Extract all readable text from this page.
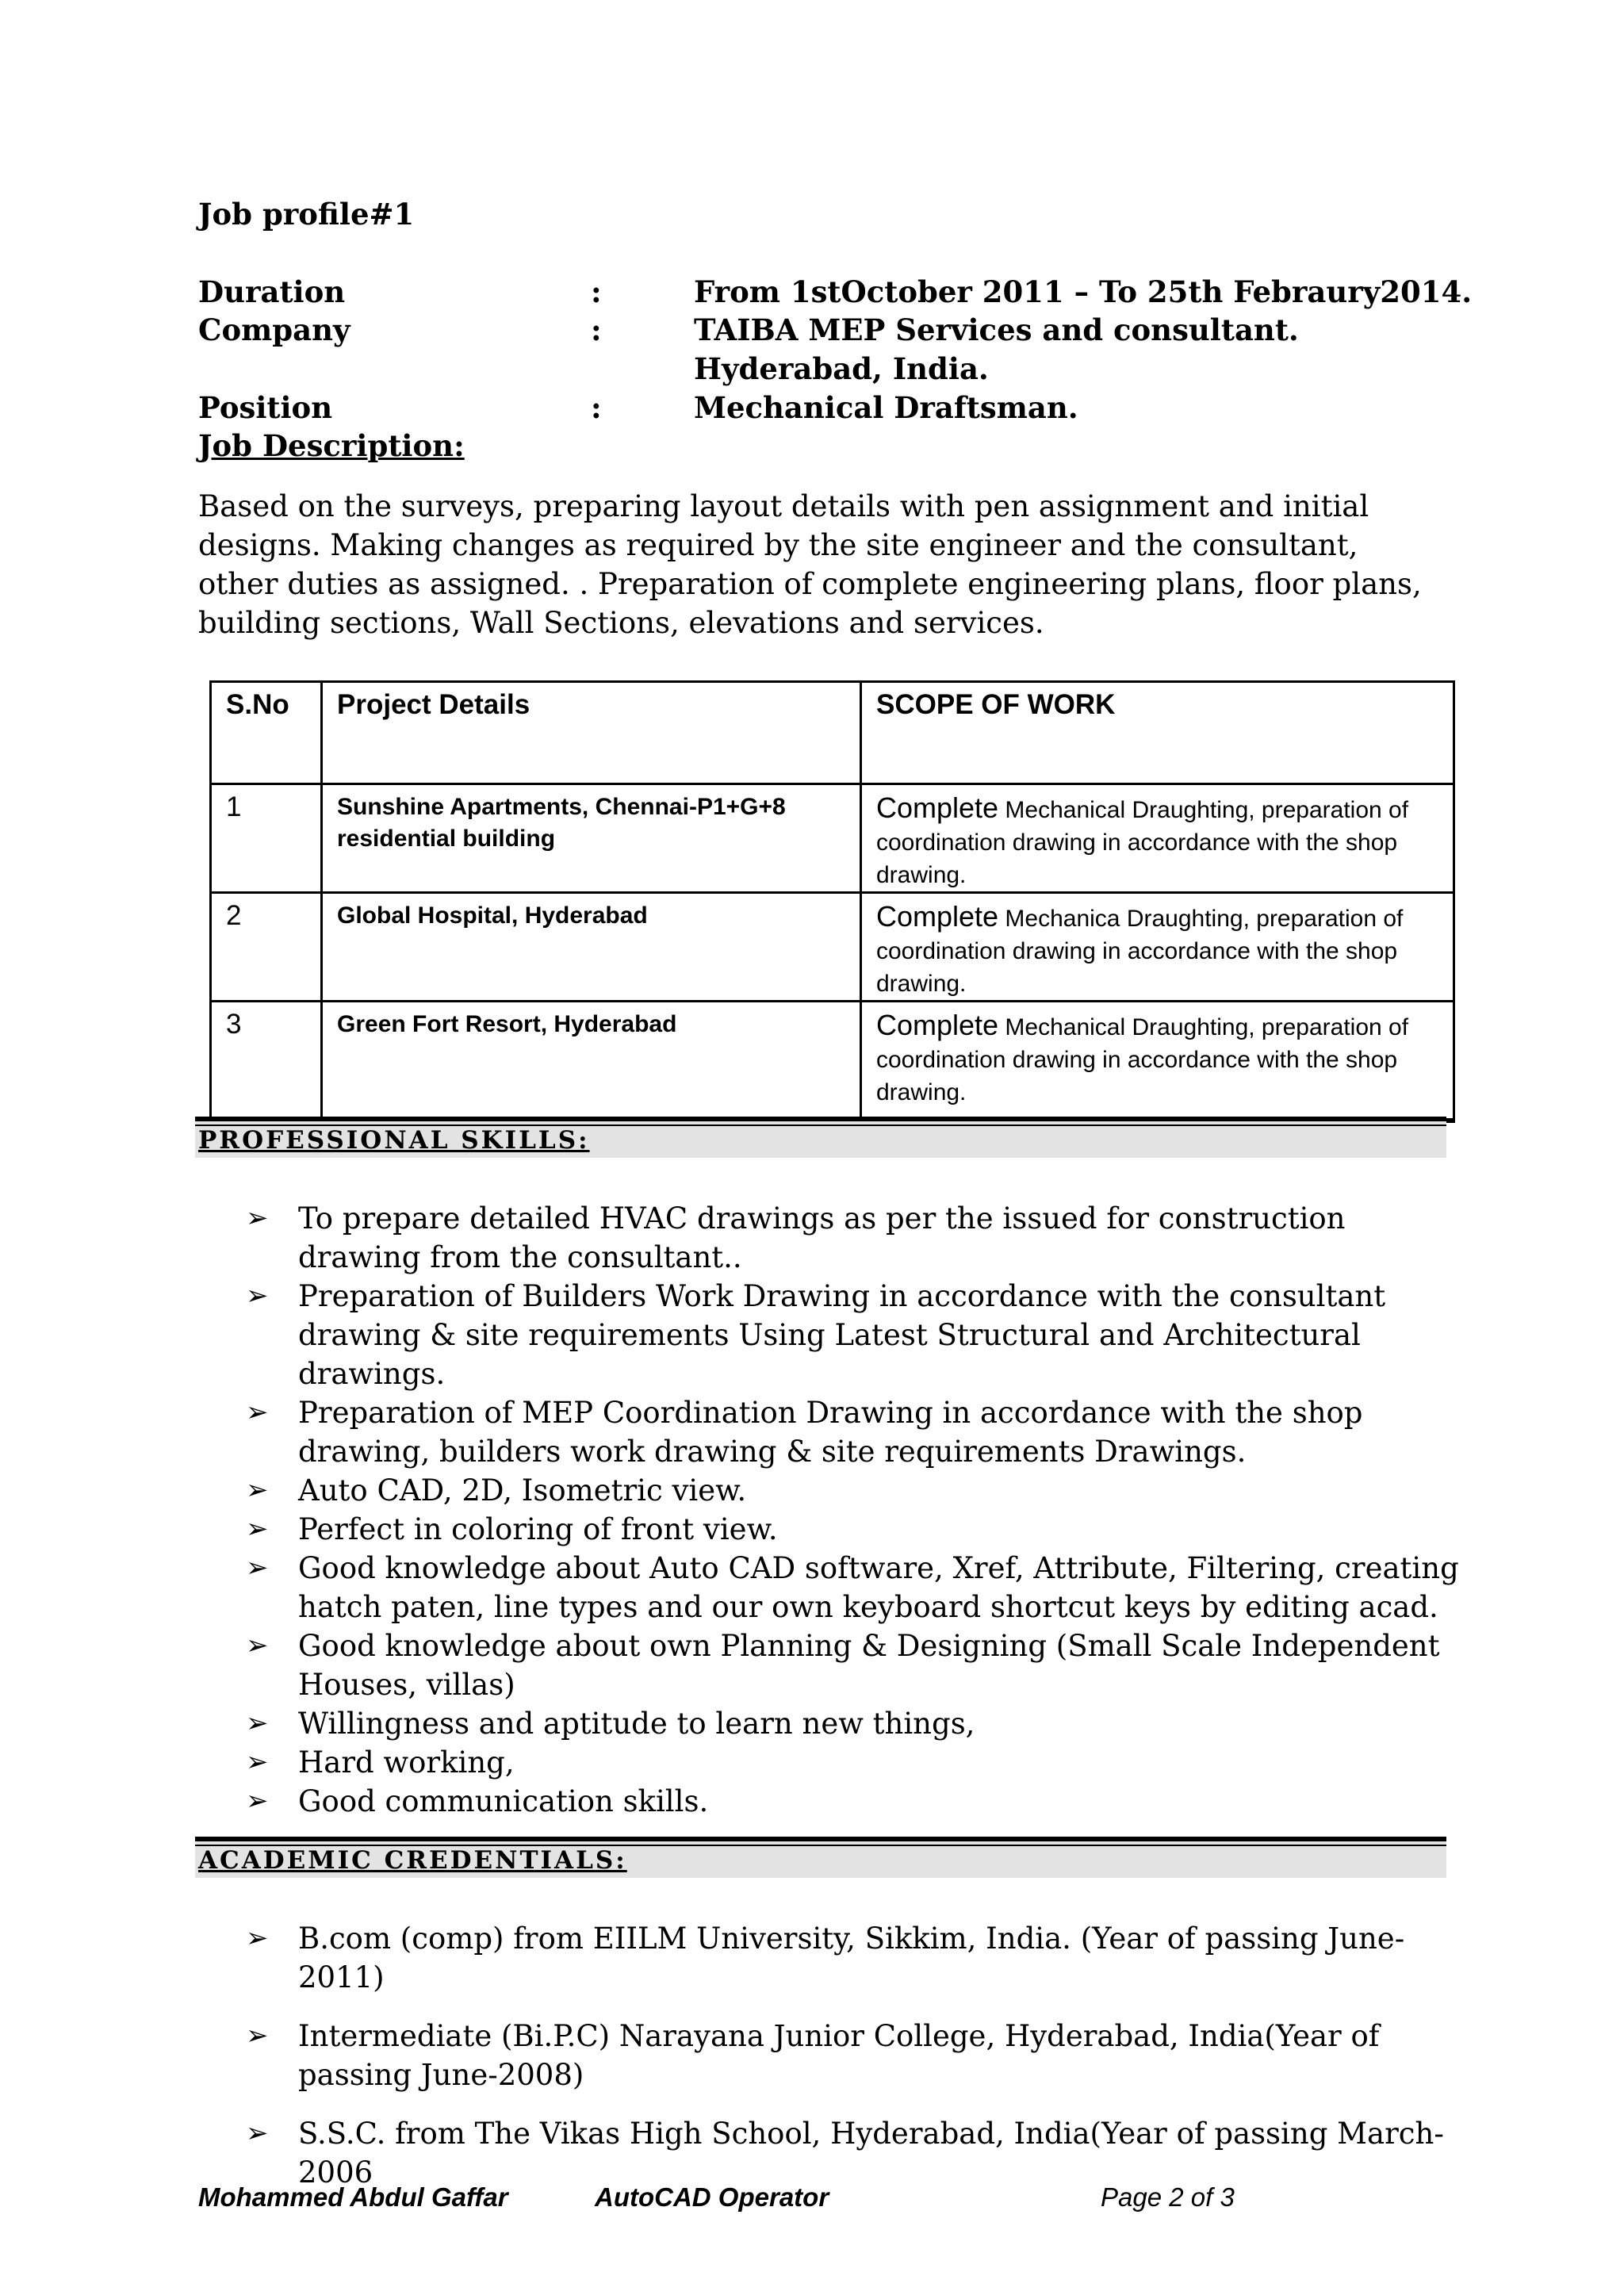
Job profile#1
Duration	:	From 1stOctober 2011 – To 25th Febraury2014.
Company	:	TAIBA MEP Services and consultant.
Hyderabad, India.
Position	:	Mechanical Draftsman.
Job Description:
Based on the surveys, preparing layout details with pen assignment and initial designs. Making changes as required by the site engineer and the consultant, other duties as assigned. . Preparation of complete engineering plans, floor plans, building sections, Wall Sections, elevations and services.
S.No	Project Details	SCOPE OF WORK
1	Sunshine Apartments, Chennai-P1+G+8 residential building	Complete Mechanical Draughting, preparation of coordination drawing in accordance with the shop drawing.
2	Global Hospital, Hyderabad	Complete Mechanica Draughting, preparation of coordination drawing in accordance with the shop drawing.
3	Green Fort Resort, Hyderabad	Complete Mechanical Draughting, preparation of coordination drawing in accordance with the shop drawing.
PROFESSIONAL SKILLS:
➢ To prepare detailed HVAC drawings as per the issued for construction drawing from the consultant..
➢ Preparation of Builders Work Drawing in accordance with the consultant drawing & site requirements Using Latest Structural and Architectural drawings.
➢ Preparation of MEP Coordination Drawing in accordance with the shop drawing, builders work drawing & site requirements Drawings.
➢ Auto CAD, 2D, Isometric view.
➢ Perfect in coloring of front view.
➢ Good knowledge about Auto CAD software, Xref, Attribute, Filtering, creating hatch paten, line types and our own keyboard shortcut keys by editing acad.
➢ Good knowledge about own Planning & Designing (Small Scale Independent Houses, villas)
➢ Willingness and aptitude to learn new things,
➢ Hard working,
➢ Good communication skills.
ACADEMIC CREDENTIALS:
➢ B.com (comp) from EIILM University, Sikkim, India. (Year of passing June-2011)
➢ Intermediate (Bi.P.C) Narayana Junior College, Hyderabad, India(Year of passing June-2008)
➢ S.S.C. from The Vikas High School, Hyderabad, India(Year of passing March-2006
Mohammed Abdul Gaffar	AutoCAD Operator	Page 2 of 3
